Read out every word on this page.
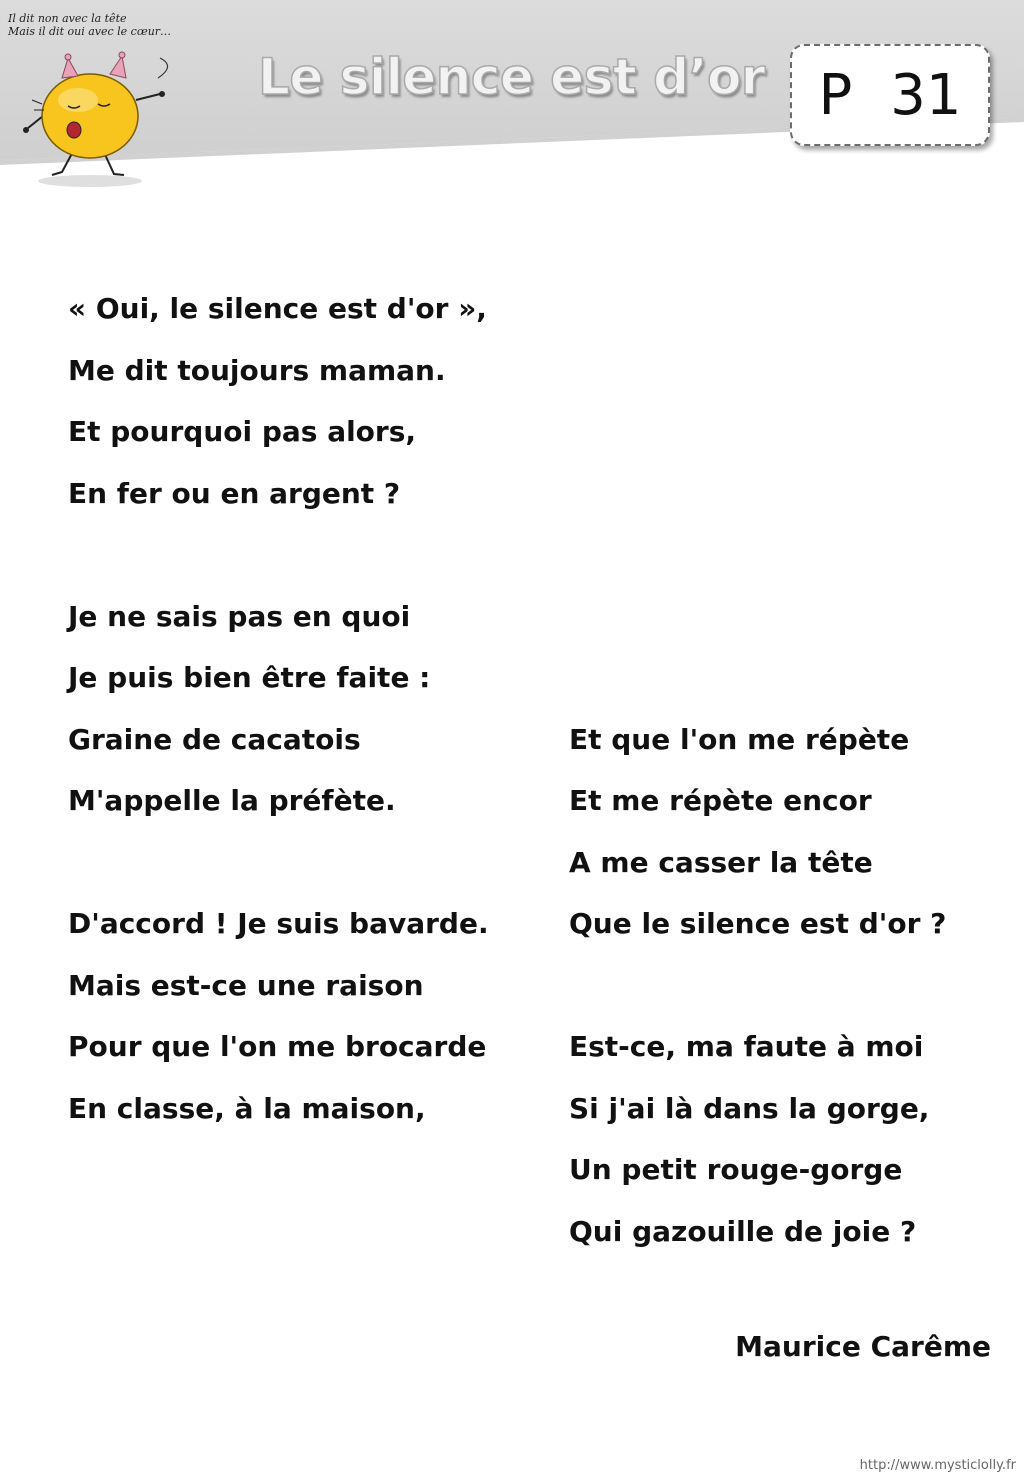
Il dit non avec la tête
Mais il dit oui avec le cœur…
Le silence est d’or P 31
« Oui, le silence est d'or »,
Me dit toujours maman.
Et pourquoi pas alors,
En fer ou en argent ?
Je ne sais pas en quoi
Je puis bien être faite :
Graine de cacatois
M'appelle la préfète.
D'accord ! Je suis bavarde.
Mais est-ce une raison
Pour que l'on me brocarde
En classe, à la maison,
Et que l'on me répète
Et me répète encor
A me casser la tête
Que le silence est d'or ?
Est-ce, ma faute à moi
Si j'ai là dans la gorge,
Un petit rouge-gorge
Qui gazouille de joie ?
Maurice Carême
http://www.mysticlolly.fr
